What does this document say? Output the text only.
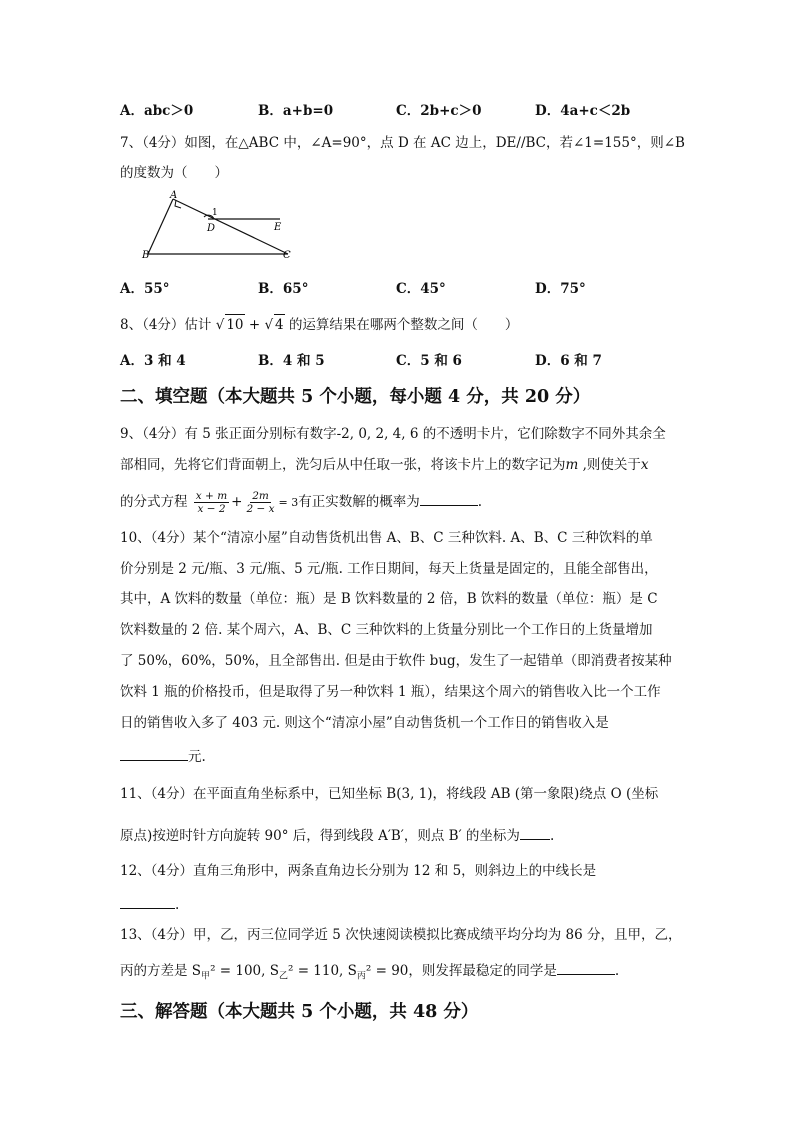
A．abc＞0	B．a+b=0	C．2b+c＞0	D．4a+c＜2b
7、（4分）如图，在△ABC 中，∠A=90°，点 D 在 AC 边上，DE//BC，若∠1=155°，则∠B
的度数为（　　）
A
B	C
D	E
1
A．55°	B．65°	C．45°	D．75°
8、（4分）估计 √ 10 + √ 4 的运算结果在哪两个整数之间（　　）
A．3 和 4	B．4 和 5	C．5 和 6	D．6 和 7
二、填空题（本大题共 5 个小题，每小题 4 分，共 20 分）
9、（4分）有 5 张正面分别标有数字-2, 0, 2, 4, 6 的不透明卡片，它们除数字不同外其余全
部相同，先将它们背面朝上，洗匀后从中任取一张，将该卡片上的数字记为m ,则使关于x
的分式方程 $\frac{x + m}{x - 2} + \frac{2m}{2 - x} = 3$有正实数解的概率为	.
10、（4分）某个“清凉小屋”自动售货机出售 A、B、C 三种饮料. A、B、C 三种饮料的单
价分别是 2 元/瓶、3 元/瓶、5 元/瓶. 工作日期间，每天上货量是固定的，且能全部售出，
其中，A 饮料的数量（单位：瓶）是 B 饮料数量的 2 倍，B 饮料的数量（单位：瓶）是 C
饮料数量的 2 倍. 某个周六，A、B、C 三种饮料的上货量分别比一个工作日的上货量增加
了 50%，60%，50%，且全部售出. 但是由于软件 bug，发生了一起错单（即消费者按某种
饮料 1 瓶的价格投币，但是取得了另一种饮料 1 瓶），结果这个周六的销售收入比一个工作
日的销售收入多了 403 元. 则这个“清凉小屋”自动售货机一个工作日的销售收入是
元.
11、（4分）在平面直角坐标系中，已知坐标 B(3, 1)，将线段 AB (第一象限)绕点 O (坐标
原点)按逆时针方向旋转 90° 后，得到线段 A′B′，则点 B′ 的坐标为 .
12、（4分）直角三角形中，两条直角边长分别为 12 和 5，则斜边上的中线长是
.
13、（4分）甲，乙，丙三位同学近 5 次快速阅读模拟比赛成绩平均分均为 86 分，且甲，乙，
丙的方差是 $S_甲^2 = 100$, $S_乙^2 = 110$, $S_丙^2 = 90$，则发挥最稳定的同学是	.
三、解答题（本大题共 5 个小题，共 48 分）
